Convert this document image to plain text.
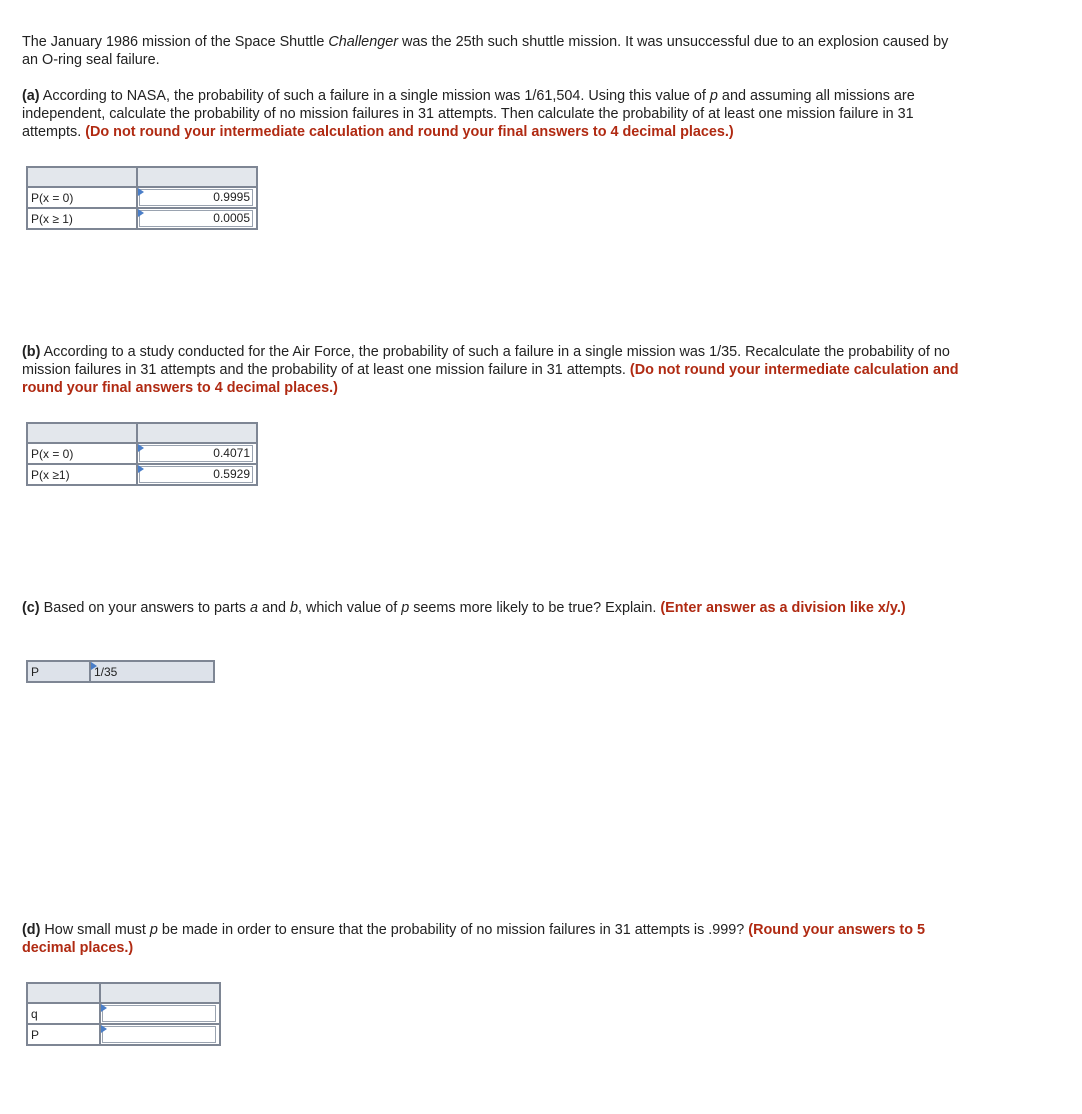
The January 1986 mission of the Space Shuttle Challenger was the 25th such shuttle mission. It was unsuccessful due to an explosion caused by an O-ring seal failure.

(a) According to NASA, the probability of such a failure in a single mission was 1/61,504. Using this value of p and assuming all missions are independent, calculate the probability of no mission failures in 31 attempts. Then calculate the probability of at least one mission failure in 31 attempts. (Do not round your intermediate calculation and round your final answers to 4 decimal places.)

P(x = 0)	0.9995

P(x ≥ 1)	0.0005

(b) According to a study conducted for the Air Force, the probability of such a failure in a single mission was 1/35. Recalculate the probability of no mission failures in 31 attempts and the probability of at least one mission failure in 31 attempts. (Do not round your intermediate calculation and round your final answers to 4 decimal places.)

P(x = 0)	0.4071

P(x ≥1)	0.5929

(c) Based on your answers to parts a and b, which value of p seems more likely to be true? Explain. (Enter answer as a division like x/y.)

P	1/35

(d) How small must p be made in order to ensure that the probability of no mission failures in 31 attempts is .999? (Round your answers to 5 decimal places.)

q	

P	
